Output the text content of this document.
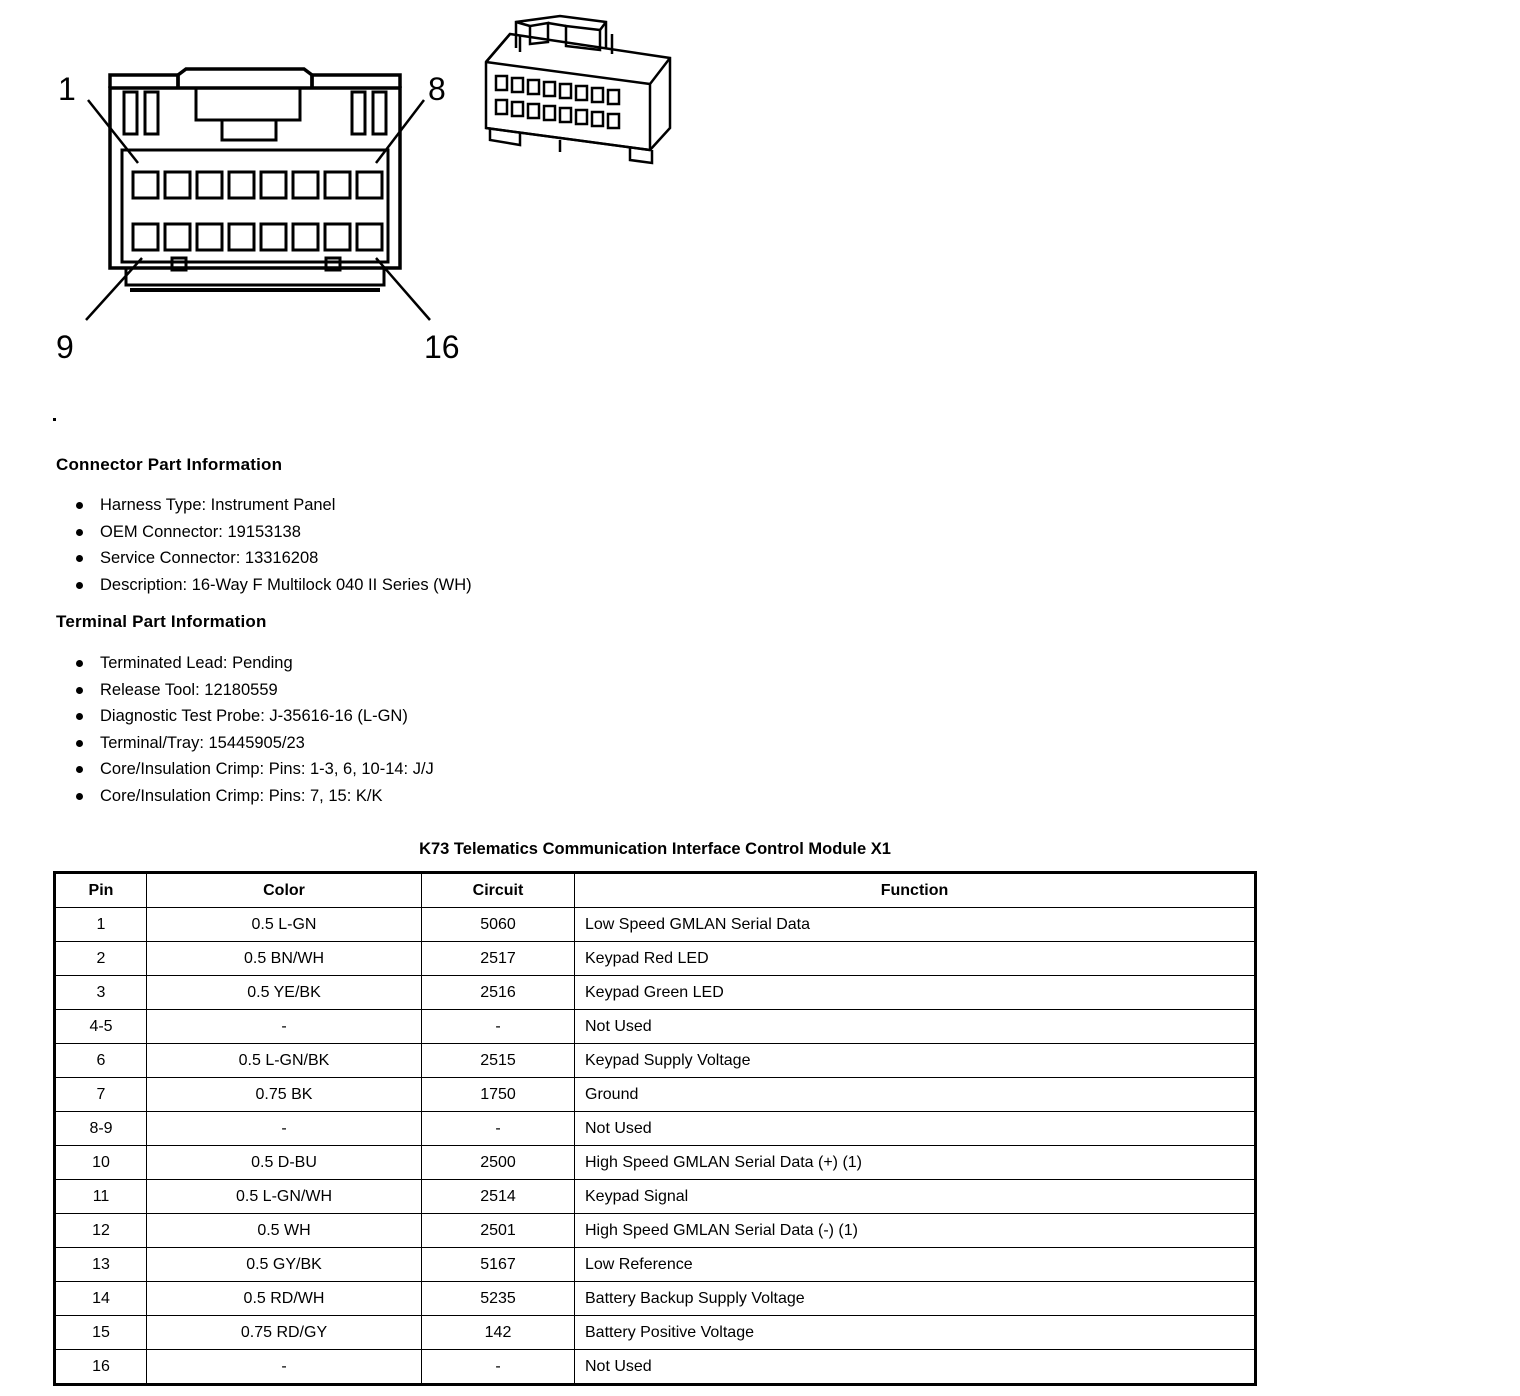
1	8
9	16
Connector Part Information
Harness Type: Instrument Panel
OEM Connector: 19153138
Service Connector: 13316208
Description: 16-Way F Multilock 040 II Series (WH)
Terminal Part Information
Terminated Lead: Pending
Release Tool: 12180559
Diagnostic Test Probe: J-35616-16 (L-GN)
Terminal/Tray: 15445905/23
Core/Insulation Crimp: Pins: 1-3, 6, 10-14: J/J
Core/Insulation Crimp: Pins: 7, 15: K/K
K73 Telematics Communication Interface Control Module X1
Pin	Color	Circuit	Function
1	0.5 L-GN	5060	Low Speed GMLAN Serial Data
2	0.5 BN/WH	2517	Keypad Red LED
3	0.5 YE/BK	2516	Keypad Green LED
4-5	-	-	Not Used
6	0.5 L-GN/BK	2515	Keypad Supply Voltage
7	0.75 BK	1750	Ground
8-9	-	-	Not Used
10	0.5 D-BU	2500	High Speed GMLAN Serial Data (+) (1)
11	0.5 L-GN/WH	2514	Keypad Signal
12	0.5 WH	2501	High Speed GMLAN Serial Data (-) (1)
13	0.5 GY/BK	5167	Low Reference
14	0.5 RD/WH	5235	Battery Backup Supply Voltage
15	0.75 RD/GY	142	Battery Positive Voltage
16	-	-	Not Used
